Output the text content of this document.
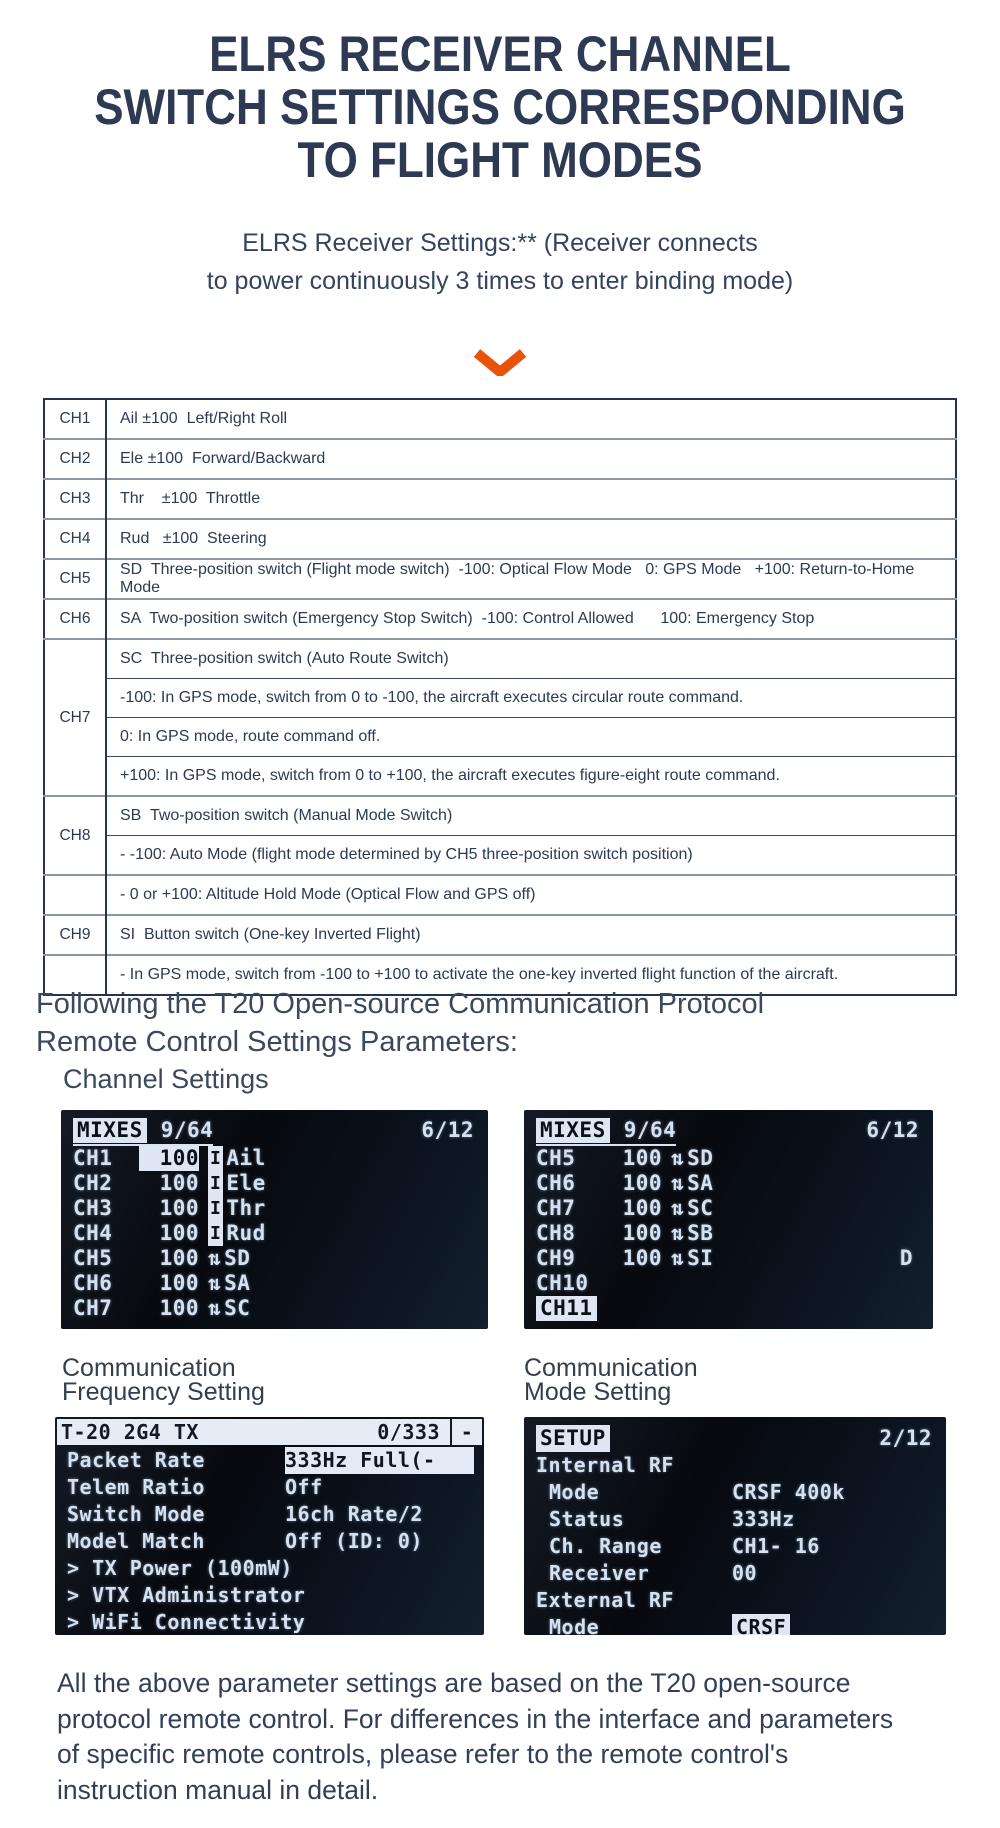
ELRS RECEIVER CHANNEL
SWITCH SETTINGS CORRESPONDING
TO FLIGHT MODES
ELRS Receiver Settings:** (Receiver connects
to power continuously 3 times to enter binding mode)
CH1	Ail ±100  Left/Right Roll
CH2	Ele ±100  Forward/Backward
CH3	Thr    ±100  Throttle
CH4	Rud   ±100  Steering
CH5	SD  Three-position switch (Flight mode switch)  -100: Optical Flow Mode   0: GPS Mode   +100: Return-to-Home Mode
CH6	SA  Two-position switch (Emergency Stop Switch)  -100: Control Allowed      100: Emergency Stop
CH7	SC  Three-position switch (Auto Route Switch)
	-100: In GPS mode, switch from 0 to -100, the aircraft executes circular route command.
	0: In GPS mode, route command off.
	+100: In GPS mode, switch from 0 to +100, the aircraft executes figure-eight route command.
CH8	SB  Two-position switch (Manual Mode Switch)
	- -100: Auto Mode (flight mode determined by CH5 three-position switch position)
	- 0 or +100: Altitude Hold Mode (Optical Flow and GPS off)
CH9	SI  Button switch (One-key Inverted Flight)
	- In GPS mode, switch from -100 to +100 to activate the one-key inverted flight function of the aircraft.
Following the T20 Open-source Communication Protocol
Remote Control Settings Parameters:
Channel Settings
MIXES 9/64	6/12
CH1	100 I Ail
CH2	100 I Ele
CH3	100 I Thr
CH4	100 I Rud
CH5	100 ⇅ SD
CH6	100 ⇅ SA
CH7	100 ⇅ SC
MIXES 9/64	6/12
CH5	100 ⇅ SD
CH6	100 ⇅ SA
CH7	100 ⇅ SC
CH8	100 ⇅ SB
CH9	100 ⇅ SI	D
CH10
CH11
Communication
Frequency Setting
Communication
Mode Setting
T-20 2G4 TX	0/333	-
Packet Rate	333Hz Full(-
Telem Ratio	Off
Switch Mode	16ch Rate/2
Model Match	Off (ID: 0)
> TX Power (100mW)
> VTX Administrator
> WiFi Connectivity
SETUP	2/12
Internal RF
Mode	CRSF 400k
Status	333Hz
Ch. Range	CH1- 16
Receiver	00
External RF
Mode	CRSF
All the above parameter settings are based on the T20 open-source
protocol remote control. For differences in the interface and parameters
of specific remote controls, please refer to the remote control's
instruction manual in detail.
